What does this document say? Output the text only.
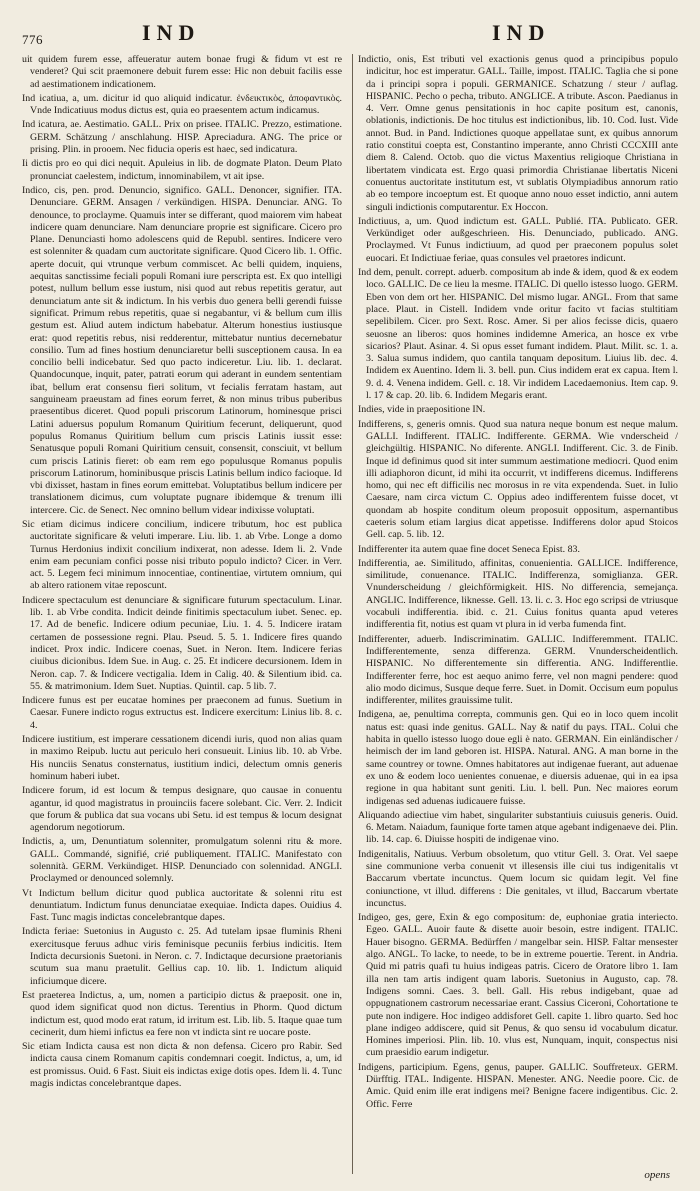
776	IND	IND

uit quidem furem esse, affeueratur autem bonae frugi & fidum vt est re venderet? Qui scit praemonere debuit furem esse: Hic non debuit facilis esse ad aestimationem indicationem.

Ind icatiua, a, um. dicitur id quo aliquid indicatur. ἐνδεικτικὸς, ἀποφαντικὸς. Vnde Indicatiuus modus dictus est, quia eo praesentem actum indicamus.

Ind icatura, ae. Aestimatio. GALL. Prix on prisee. ITALIC. Prezzo, estimatione. GERM. Schätzung / anschlahung. HISP. Apreciadura. ANG. The price or prising. Plin. in prooem. Nec fiducia operis est haec, sed indicatura.

Ii dictis pro eo qui dici nequit. Apuleius in lib. de dogmate Platon. Deum Plato pronunciat caelestem, indictum, innominabilem, vt ait ipse.

Indico, cis, pen. prod. Denuncio, significo. GALL. Denoncer, signifier. ITA. Denunciare. GERM. Ansagen / verkündigen. HISPA. Denunciar. ANG. To denounce, to proclayme. Quamuis inter se differant, quod maiorem vim habeat indicere quam denunciare. Nam denunciare proprie est significare. Cicero pro Plane. Denunciasti homo adolescens quid de Republ. sentires. Indicere vero est solenniter & quadam cum auctoritate significare. Quod Cicero lib. 1. Offic. aperte docuit, qui vtrunque verbum commiscet. Ac belli quidem, inquiens, aequitas sanctissime feciali populi Romani iure perscripta est. Ex quo intelligi potest, nullum bellum esse iustum, nisi quod aut rebus repetitis geratur, aut denunciatum ante sit & indictum. In his verbis duo genera belli gerendi fuisse significat. Primum rebus repetitis, quae si negabantur, vi & bellum cum illis gestum est. Aliud autem indictum habebatur. Alterum honestius iustiusque erat: quod repetitis rebus, nisi redderentur, mittebatur nuntius decernebatur consilio. Tum ad fines hostium denunciaretur belli susceptionem causa. In ea concilio belli indicebatur. Sed quo pacto indiceretur. Liu. lib. 1. declarat. Quandocunque, inquit, pater, patrati eorum qui aderant in eundem sententiam ibat, bellum erat consensu fieri solitum, vt fecialis ferratam hastam, aut sanguineam praeustam ad fines eorum ferret, & non minus tribus puberibus praesentibus diceret. Quod populi priscorum Latinorum, hominesque prisci Latini aduersus populum Romanum Quiritium fecerunt, deliquerunt, quod populus Romanus Quiritium bellum cum priscis Latinis iussit esse: Senatusque populi Romani Quiritium censuit, consensit, consciuit, vt bellum cum priscis Latinis fieret: ob eam rem ego populusque Romanus populis priscorum Latinorum, hominibusque priscis Latinis bellum indico facioque. Id vbi dixisset, hastam in fines eorum emittebat. Voluptatibus bellum indicere per translationem dicimus, cum voluptate pugnare ibidemque & trenum illi intercere. Cic. de Senect. Nec omnino bellum videar indixisse voluptati.

Sic etiam dicimus indicere concilium, indicere tributum, hoc est publica auctoritate significare & veluti imperare. Liu. lib. 1. ab Vrbe. Longe a domo Turnus Herdonius indixit concilium indixerat, non adesse. Idem li. 2. Vnde enim eam pecuniam confici posse nisi tributo populo indicto? Cicer. in Verr. act. 5. Legem feci minimum innocentiae, continentiae, virtutem omnium, qui ab altero rationem vitae reposcunt.

Indicere spectaculum est denunciare & significare futurum spectaculum. Linar. lib. 1. ab Vrbe condita. Indicit deinde finitimis spectaculum iubet. Senec. ep. 17. Ad de benefic. Indicere odium pecuniae, Liu. 1. 4. 5. Indicere iratam certamen de possessione regni. Plau. Pseud. 5. 5. 1. Indicere fires quando indicet. Prox indic. Indicere coenas, Suet. in Neron. Item. Indicere ferias ciuibus dicionibus. Idem Sue. in Aug. c. 25. Et indicere decursionem. Idem in Neron. cap. 7. & Indicere vectigalia. Idem in Calig. 40. & Silentium ibid. ca. 55. & matrimonium. Idem Suet. Nuptias. Quintil. cap. 5 lib. 7.

Indicere funus est per eucatae homines per praeconem ad funus. Suetium in Caesar. Funere indicto rogus extructus est. Indicere exercitum: Linius lib. 8. c. 4.

Indicere iustitium, est imperare cessationem dicendi iuris, quod non alias quam in maximo Reipub. luctu aut periculo heri consueuit. Linius lib. 10. ab Vrbe. His nunciis Senatus consternatus, iustitium indici, delectum omnis generis hominum haberi iubet.

Indicere forum, id est locum & tempus designare, quo causae in conuentu agantur, id quod magistratus in prouinciis facere solebant. Cic. Verr. 2. Indicit que forum & publica dat sua vocans ubi Setu. id est tempus & locum designat agendorum negotiorum.

Indictis, a, um, Denuntiatum solenniter, promulgatum solenni ritu & more. GALL. Commandé, signifié, crié publiquement. ITALIC. Manifestato con solennità. GERM. Verkündiget. HISP. Denunciado con solennidad. ANGLI. Proclaymed or denounced solemnly.

Vt Indictum bellum dicitur quod publica auctoritate & solenni ritu est denuntiatum. Indictum funus denunciatae exequiae. Indicta dapes. Ouidius 4. Fast. Tunc magis indictas concelebrantque dapes.

Indicta feriae: Suetonius in Augusto c. 25. Ad tutelam ipsae fluminis Rheni exercitusque feruus adhuc viris feminisque pecuniis ferbius indicitis. Item Indicta decursionis Suetoni. in Neron. c. 7. Indictaque decursione praetorianis scutum sua manu praetulit. Gellius cap. 10. lib. 1. Indictum aliquid inficiumque dicere.

Est praeterea Indictus, a, um, nomen a participio dictus & praeposit. one in, quod idem significat quod non dictus. Terentius in Phorm. Quod dictum indictum est, quod modo erat ratum, id irritum est. Lib. lib. 5. Itaque quae tum cecinerit, dum hiemi infictus ea fere non vt indicta sint re uocare poste.

Sic etiam Indicta causa est non dicta & non defensa. Cicero pro Rabir. Sed indicta causa cinem Romanum capitis condemnari coegit. Indictus, a, um, id est promissus. Ouid. 6 Fast. Siuit eis indictas exige dotis opes. Idem li. 4. Tunc magis indictas concelebrantque dapes.

Indictio, onis, Est tributi vel exactionis genus quod a principibus populo indicitur, hoc est imperatur. GALL. Taille, impost. ITALIC. Taglia che si pone da i principi sopra i populi. GERMANICE. Schatzung / steur / auflag. HISPANIC. Pecho o pecha, tributo. ANGLICE. A tribute. Ascon. Paedianus in 4. Verr. Omne genus pensitationis in hoc capite positum est, canonis, oblationis, indictionis. De hoc titulus est indictionibus, lib. 10. Cod. Iust. Vide annot. Bud. in Pand. Indictiones quoque appellatae sunt, ex quibus annorum ratio constitui coepta est, Constantino imperante, anno Christi CCCXIII ante diem 8. Calend. Octob. quo die victus Maxentius religioque Christiana in libertatem vindicata est. Ergo quasi primordia Christianae libertatis Niceni conuentus auctoritate institutum est, vt sublatis Olympiadibus annorum ratio ab eo tempore incoeptum est. Et quoque anno nouo esset indictio, anni autem singuli indictionis computarentur. Ex Hoccon.

Indictiuus, a, um. Quod indictum est. GALL. Publié. ITA. Publicato. GER. Verkündiget oder außgeschrieen. His. Denunciado, publicado. ANG. Proclaymed. Vt Funus indictiuum, ad quod per praeconem populus solet euocari. Et Indictiuae feriae, quas consules vel praetores indicunt.

Ind dem, penult. corrept. aduerb. compositum ab inde & idem, quod & ex eodem loco. GALLIC. De ce lieu la mesme. ITALIC. Di quello istesso luogo. GERM. Eben von dem ort her. HISPANIC. Del mismo lugar. ANGL. From that same place. Plaut. in Cistell. Indidem vnde oritur facito vt facias stultitiam sepelibilem. Cicer. pro Sext. Rosc. Amer. Si per alios fecisse dicis, quaero seuosne an liberos: quos homines indidemne America, an hosce ex vrbe sicarios? Plaut. Asinar. 4. Si opus esset fumant indidem. Plaut. Milit. sc. 1. a. 3. Salua sumus indidem, quo cantila tanquam depositum. Liuius lib. dec. 4. Indidem ex Auentino. Idem li. 3. bell. pun. Cius indidem erat ex capua. Item l. 9. d. 4. Venena indidem. Gell. c. 18. Vir indidem Lacedaemonius. Item cap. 9. l. 17 & cap. 20. lib. 6. Indidem Megaris erant.

Indies, vide in praepositione IN.

Indifferens, s, generis omnis. Quod sua natura neque bonum est neque malum. GALLI. Indifferent. ITALIC. Indifferente. GERMA. Wie vnderscheid / gleichgültig. HISPANIC. No diferente. ANGLI. Indifferent. Cic. 3. de Finib. Inque id definimus quod sit inter summum aestimatione mediocri. Quod enim illi adiaphoron dicunt, id mihi ita occurrit, vt indifferens dicemus. Indifferens homo, qui nec eft difficilis nec morosus in re vita expendenda. Suet. in Iulio Caesare, nam circa victum C. Oppius adeo indifferentem fuisse docet, vt quondam ab hospite conditum oleum proposuit oppositum, aspernantibus caeteris solum etiam largius dicat appetisse. Indifferens dolor apud Stoicos Gell. cap. 5. lib. 12.

Indifferenter ita autem quae fine docet Seneca Epist. 83.

Indifferentia, ae. Similitudo, affinitas, conuenientia. GALLICE. Indifference, similitude, conuenance. ITALIC. Indifferenza, somiglianza. GER. Vnunderscheidung / gleichförmigkeit. HIS. No differencia, semejança. ANGLIC. Indifference, liknesse. Gell. 13. li. c. 3. Hoc ego scripsi de vtriusque vocabuli indifferentia. ibid. c. 21. Cuius fonitus quanta apud veteres indifferentia fit, notius est quam vt plura in id verba fumenda fint.

Indifferenter, aduerb. Indiscriminatim. GALLIC. Indifferemment. ITALIC. Indifferentemente, senza differenza. GERM. Vnunderscheidentlich. HISPANIC. No differentemente sin differentia. ANG. Indifferentlie. Indifferenter ferre, hoc est aequo animo ferre, vel non magni pendere: quod alio modo dicimus, Susque deque ferre. Suet. in Domit. Occisum eum populus indifferenter, milites grauissime tulit.

Indigena, ae, penultima correpta, communis gen. Qui eo in loco quem incolit natus est: quasi inde genitus. GALL. Nay & natif du pays. ITAL. Colui che habita in quello istesso luogo doue egli è nato. GERMAN. Ein einländischer / heimisch der im land geboren ist. HISPA. Natural. ANG. A man borne in the same countrey or towne. Omnes habitatores aut indigenae fuerant, aut aduenae ex uno & eodem loco uenientes conuenae, e diuersis aduenae, qui in ea ipsa regione in qua habitant sunt geniti. Liu. l. bell. Pun. Nec maiores eorum indigenas sed aduenas iudicauere fuisse.

Aliquando adiectiue vim habet, singulariter substantiuis cuiusuis generis. Ouid. 6. Metam. Naiadum, faunique forte tamen atque agebant indigenaeve dei. Plin. lib. 14. cap. 6. Diuisse hospiti de indigenae vino.

Indigenitalis, Natiuus. Verbum obsoletum, quo vtitur Gell. 3. Orat. Vel saepe sine communione verba conuenit vt illesensis ille ciui tus indigenitalis vt Baccarum vbertate incunctus. Quem locum sic quidam legit. Vel fine coniunctione, vt illud. differens : Die genitales, vt illud, Baccarum vbertate incunctus.

Indigeo, ges, gere, Exin & ego compositum: de, euphoniae gratia interiecto. Egeo. GALL. Auoir faute & disette auoir besoin, estre indigent. ITALIC. Hauer bisogno. GERMA. Bedürffen / mangelbar sein. HISP. Faltar mensester algo. ANGL. To lacke, to neede, to be in extreme pouertie. Terent. in Andria. Quid mi patris quafi tu huius indigeas patris. Cicero de Oratore libro 1. Iam illa nen tam artis indigent quam laboris. Suetonius in Augusto, cap. 78. Indigens somni. Caes. 3. bell. Gall. His rebus indigebant, quae ad oppugnationem castrorum necessariae erant. Cassius Ciceroni, Cohortatione te pute non indigere. Hoc indigeo addisforet Gell. capite 1. libro quarto. Sed hoc plane indigeo addiscere, quid sit Penus, & quo sensu id vocabulum dicatur. Homines imperiosi. Plin. lib. 10. vlus est, Nunquam, inquit, conspectus nisi cum praesidio earum indigetur.

Indigens, participium. Egens, genus, pauper. GALLIC. Souffreteux. GERM. Dürfftig. ITAL. Indigente. HISPAN. Menester. ANG. Needie poore. Cic. de Amic. Quid enim ille erat indigens mei? Benigne facere indigentibus. Cic. 2. Offic. Ferre

opens
